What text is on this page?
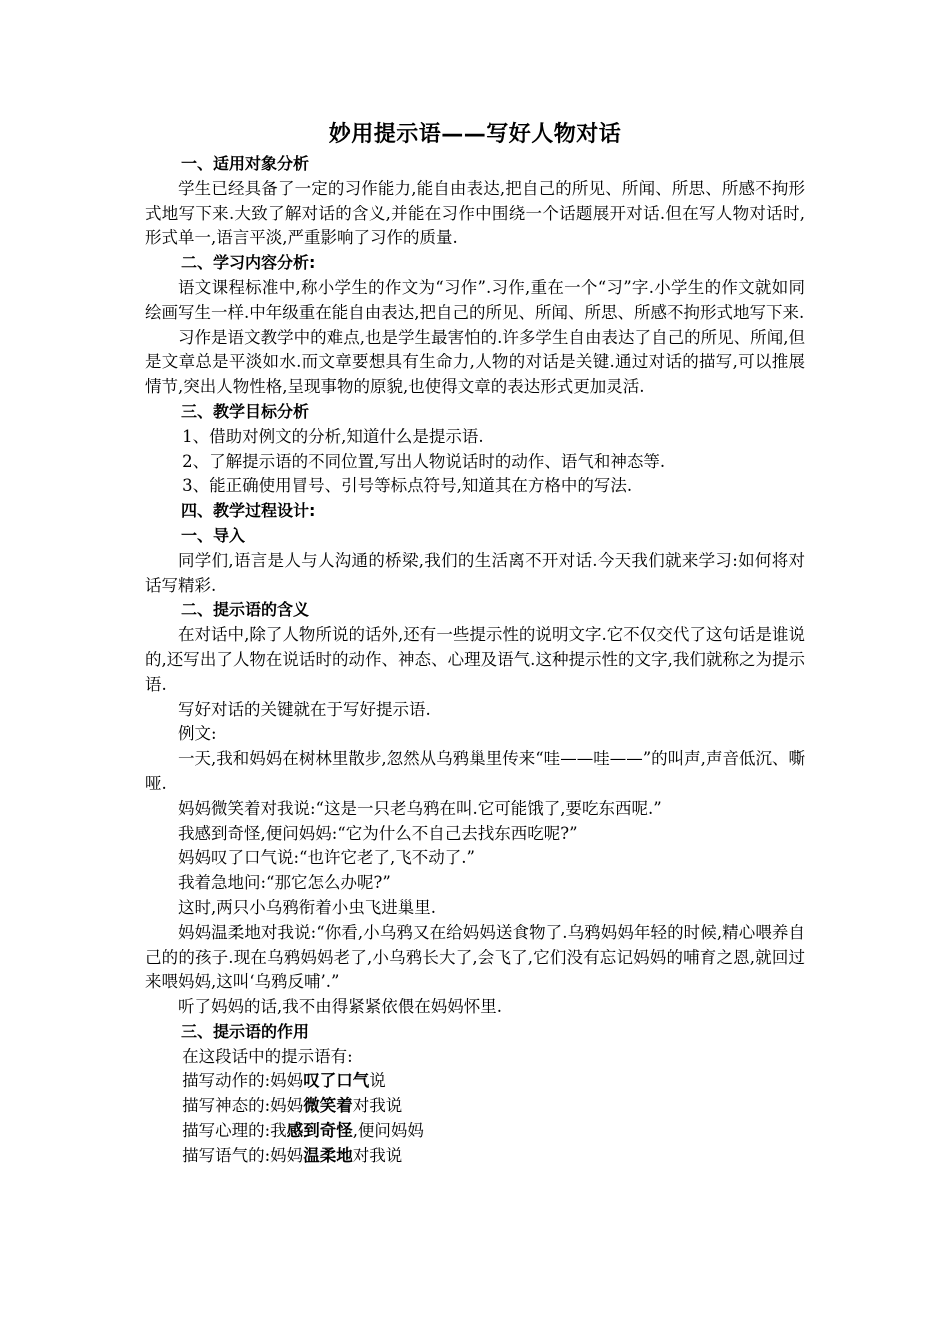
妙用提示语——写好人物对话
一、适用对象分析

学生已经具备了一定的习作能力,能自由表达,把自己的所见、所闻、所思、所感不拘形式地写下来.大致了解对话的含义,并能在习作中围绕一个话题展开对话.但在写人物对话时,形式单一,语言平淡,严重影响了习作的质量.

二、学习内容分析:

语文课程标准中,称小学生的作文为“习作”.习作,重在一个“习”字.小学生的作文就如同绘画写生一样.中年级重在能自由表达,把自己的所见、所闻、所思、所感不拘形式地写下来.

习作是语文教学中的难点,也是学生最害怕的.许多学生自由表达了自己的所见、所闻,但是文章总是平淡如水.而文章要想具有生命力,人物的对话是关键.通过对话的描写,可以推展情节,突出人物性格,呈现事物的原貌,也使得文章的表达形式更加灵活.

三、教学目标分析

1、借助对例文的分析,知道什么是提示语.

2、了解提示语的不同位置,写出人物说话时的动作、语气和神态等.

3、能正确使用冒号、引号等标点符号,知道其在方格中的写法.

四、教学过程设计:
一、导入

同学们,语言是人与人沟通的桥梁,我们的生活离不开对话.今天我们就来学习:如何将对话写精彩.

二、提示语的含义

在对话中,除了人物所说的话外,还有一些提示性的说明文字.它不仅交代了这句话是谁说的,还写出了人物在说话时的动作、神态、心理及语气.这种提示性的文字,我们就称之为提示语.

写好对话的关键就在于写好提示语.

例文:

一天,我和妈妈在树林里散步,忽然从乌鸦巢里传来“哇——哇——”的叫声,声音低沉、嘶哑.

妈妈微笑着对我说:“这是一只老乌鸦在叫.它可能饿了,要吃东西呢.”

我感到奇怪,便问妈妈:“它为什么不自己去找东西吃呢?”

妈妈叹了口气说:“也许它老了,飞不动了.”

我着急地问:“那它怎么办呢?”

这时,两只小乌鸦衔着小虫飞进巢里.

妈妈温柔地对我说:“你看,小乌鸦又在给妈妈送食物了.乌鸦妈妈年轻的时候,精心喂养自己的的孩子.现在乌鸦妈妈老了,小乌鸦长大了,会飞了,它们没有忘记妈妈的哺育之恩,就回过来喂妈妈,这叫‘乌鸦反哺’.”

听了妈妈的话,我不由得紧紧依偎在妈妈怀里.

三、提示语的作用

在这段话中的提示语有:

描写动作的:妈妈叹了口气说

描写神态的:妈妈微笑着对我说

描写心理的:我感到奇怪,便问妈妈

描写语气的:妈妈温柔地对我说
